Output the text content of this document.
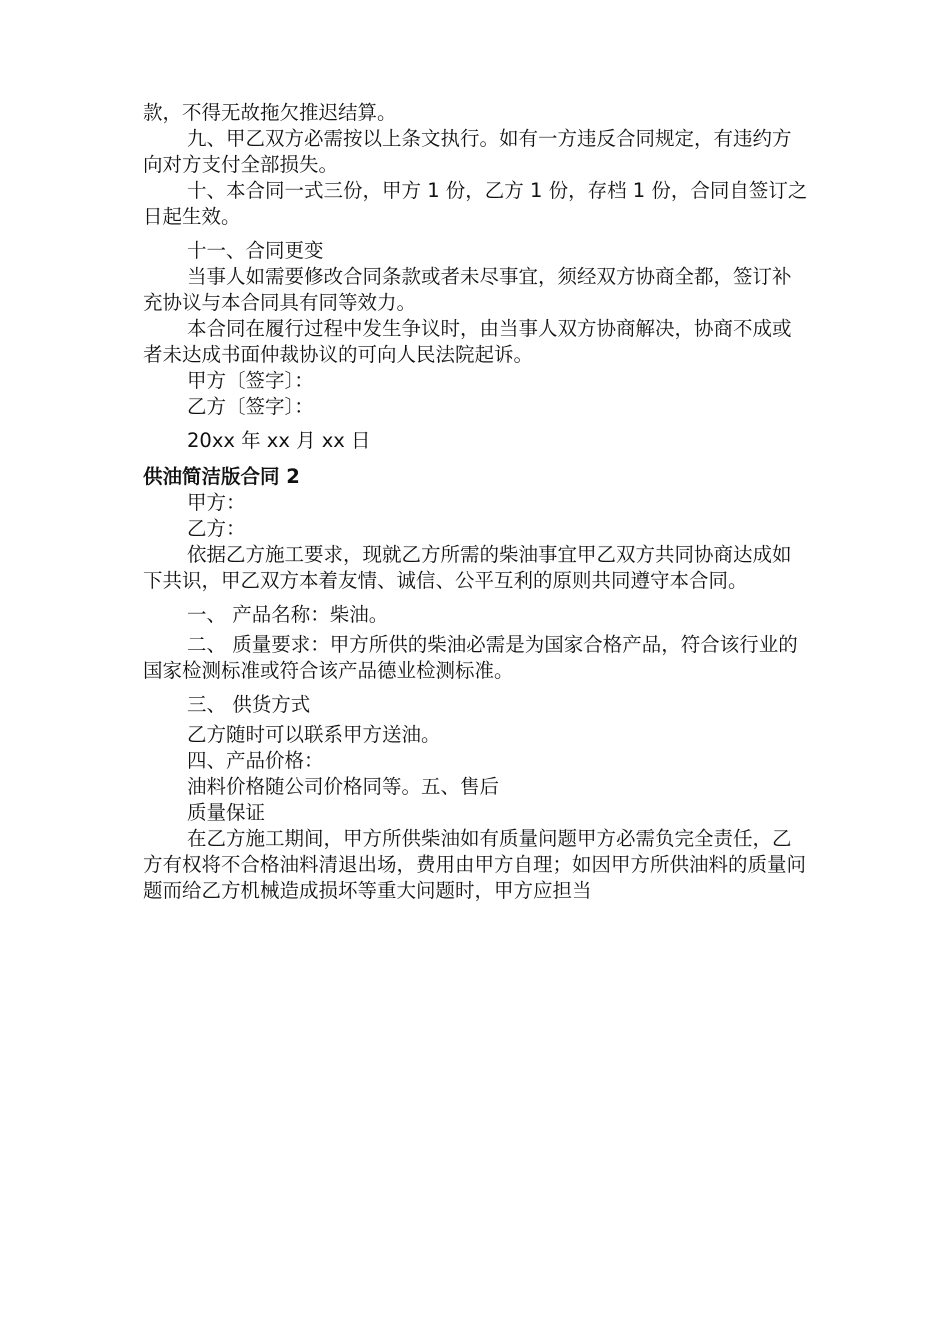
款，不得无故拖欠推迟结算。

九、甲乙双方必需按以上条文执行。如有一方违反合同规定，有违约方向对方支付全部损失。

十、本合同一式三份，甲方 1 份，乙方 1 份，存档 1 份，合同自签订之日起生效。

十一、合同更变

当事人如需要修改合同条款或者未尽事宜，须经双方协商全都，签订补充协议与本合同具有同等效力。

本合同在履行过程中发生争议时，由当事人双方协商解决，协商不成或者未达成书面仲裁协议的可向人民法院起诉。

甲方〔签字〕：

乙方〔签字〕：

20xx 年 xx 月 xx 日

供油简洁版合同 2

甲方：

乙方：

依据乙方施工要求，现就乙方所需的柴油事宜甲乙双方共同协商达成如下共识，甲乙双方本着友情、诚信、公平互利的原则共同遵守本合同。

一、 产品名称：柴油。

二、 质量要求：甲方所供的柴油必需是为国家合格产品，符合该行业的国家检测标准或符合该产品德业检测标准。

三、 供货方式

乙方随时可以联系甲方送油。

四、产品价格：

油料价格随公司价格同等。五、售后

质量保证

在乙方施工期间，甲方所供柴油如有质量问题甲方必需负完全责任，乙方有权将不合格油料清退出场，费用由甲方自理；如因甲方所供油料的质量问题而给乙方机械造成损坏等重大问题时，甲方应担当
